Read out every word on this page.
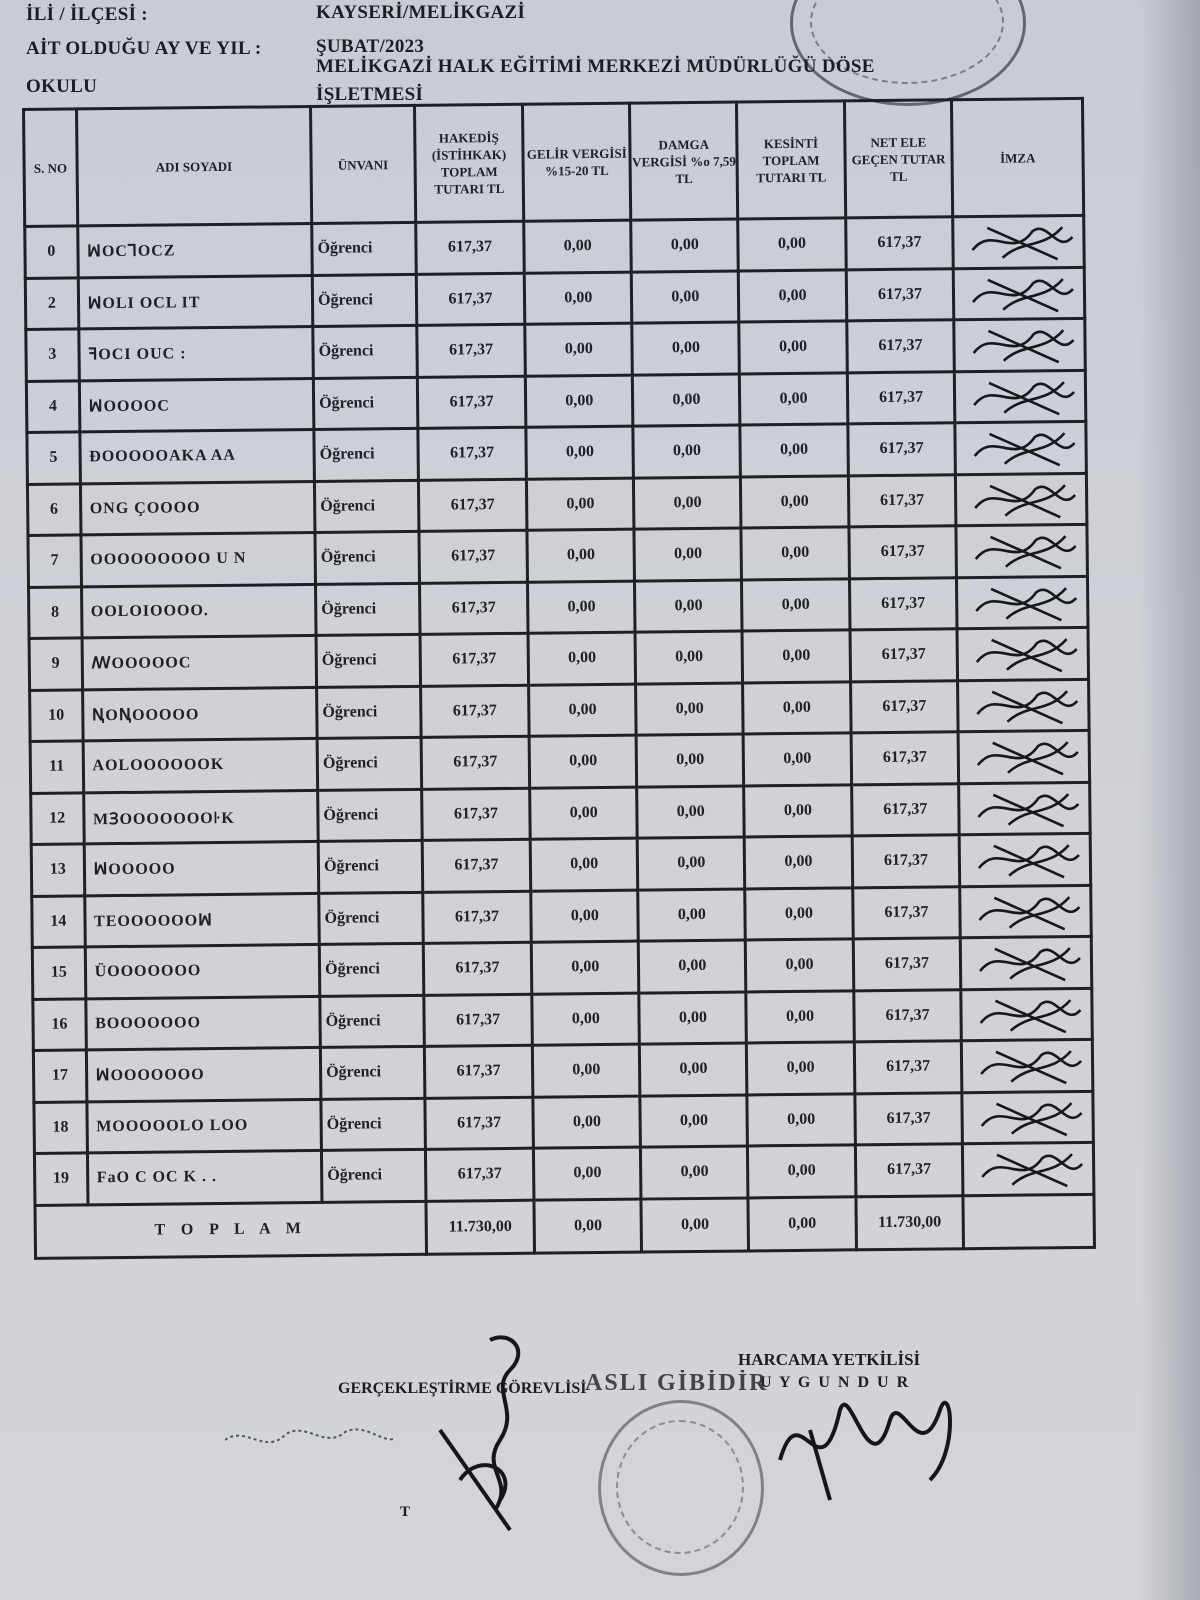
İLİ / İLÇESİ :	KAYSERİ/MELİKGAZİ
AİT OLDUĞU AY VE YIL :	ŞUBAT/2023
OKULU
MELİKGAZİ HALK EĞİTİMİ MERKEZİ MÜDÜRLÜĞÜ DÖSE
İŞLETMESİ
S. NO	ADI SOYADI	ÜNVANI	HAKEDİŞ (İSTİHKAK) TOPLAM TUTARI TL	GELİR VERGİSİ %15-20 TL	DAMGA VERGİSİ %o 7,59 TL	KESİNTİ TOPLAM TUTARI TL	NET ELE GEÇEN TUTAR TL	İMZA
0	ꟽOCꞀOCZ	Öğrenci	617,37	0,00	0,00	0,00	617,37	

2	ꟽOLI OCL IT	Öğrenci	617,37	0,00	0,00	0,00	617,37	

3	ꟻOCI OUC :	Öğrenci	617,37	0,00	0,00	0,00	617,37	

4	ꟽOOOOC	Öğrenci	617,37	0,00	0,00	0,00	617,37	

5	ÐOOOOOAKA AA	Öğrenci	617,37	0,00	0,00	0,00	617,37	

6	ONG ÇOOOO	Öğrenci	617,37	0,00	0,00	0,00	617,37	

7	OOOOOOOOO U N	Öğrenci	617,37	0,00	0,00	0,00	617,37	

8	OOLOIOOOO.	Öğrenci	617,37	0,00	0,00	0,00	617,37	

9	ꟿOOOOOC	Öğrenci	617,37	0,00	0,00	0,00	617,37	

10	ꞐOꞐOOOOO	Öğrenci	617,37	0,00	0,00	0,00	617,37	

11	AOLOOOOOOK	Öğrenci	617,37	0,00	0,00	0,00	617,37	

12	MꞫOOOOOOO꜏K	Öğrenci	617,37	0,00	0,00	0,00	617,37	

13	ꟽOOOOO	Öğrenci	617,37	0,00	0,00	0,00	617,37	

14	TEOOOOOOꟽ	Öğrenci	617,37	0,00	0,00	0,00	617,37	

15	ÜOOOOOOO	Öğrenci	617,37	0,00	0,00	0,00	617,37	

16	BOOOOOOO	Öğrenci	617,37	0,00	0,00	0,00	617,37	

17	ꟽOOOOOOO	Öğrenci	617,37	0,00	0,00	0,00	617,37	

18	MOOOOOLO LOO	Öğrenci	617,37	0,00	0,00	0,00	617,37	

19	FaO C OC K . .	Öğrenci	617,37	0,00	0,00	0,00	617,37	

T O P L A M			11.730,00	0,00	0,00	0,00	11.730,00	
GERÇEKLEŞTİRME GÖREVLİSİ
HARCAMA YETKİLİSİ
U Y G U N D U R
ASLI GİBİDİR
T
